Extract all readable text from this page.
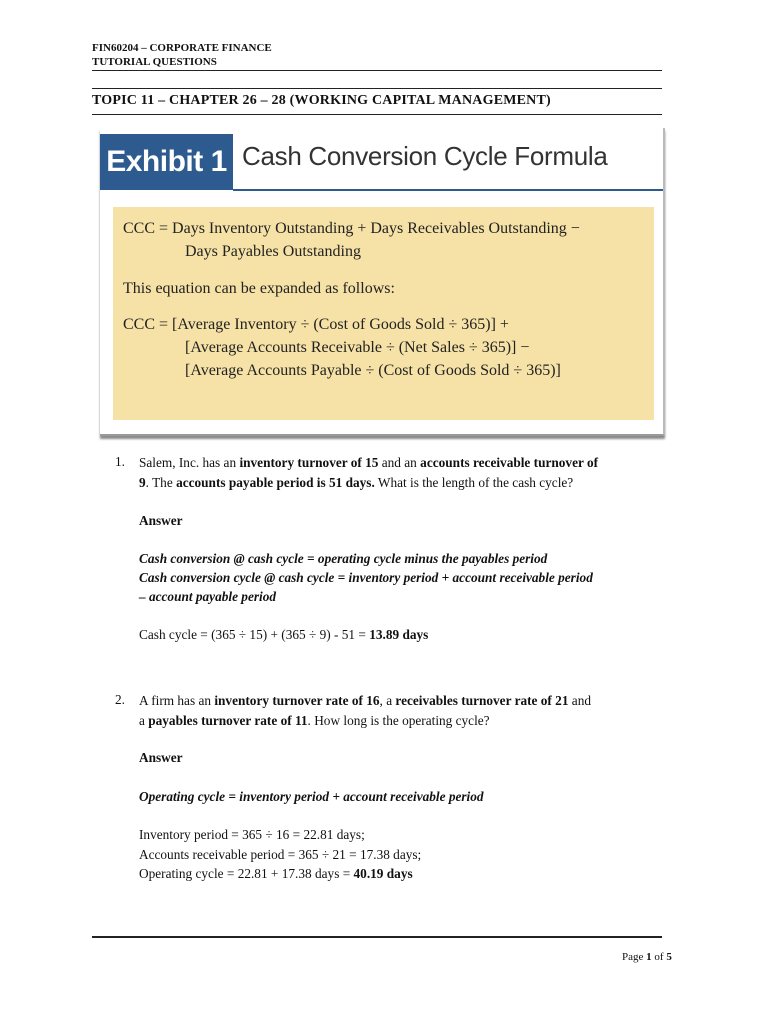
FIN60204 – CORPORATE FINANCE
TUTORIAL QUESTIONS
TOPIC 11 – CHAPTER 26 – 28 (WORKING CAPITAL MANAGEMENT)
Exhibit 1 Cash Conversion Cycle Formula
CCC = Days Inventory Outstanding + Days Receivables Outstanding −
Days Payables Outstanding
This equation can be expanded as follows:
CCC = [Average Inventory ÷ (Cost of Goods Sold ÷ 365)] +
[Average Accounts Receivable ÷ (Net Sales ÷ 365)] −
[Average Accounts Payable ÷ (Cost of Goods Sold ÷ 365)]
1. Salem, Inc. has an inventory turnover of 15 and an accounts receivable turnover of
9. The accounts payable period is 51 days. What is the length of the cash cycle?
Answer
Cash conversion @ cash cycle = operating cycle minus the payables period
Cash conversion cycle @ cash cycle = inventory period + account receivable period
– account payable period
Cash cycle = (365 ÷ 15) + (365 ÷ 9) - 51 = 13.89 days
2. A firm has an inventory turnover rate of 16, a receivables turnover rate of 21 and
a payables turnover rate of 11. How long is the operating cycle?
Answer
Operating cycle = inventory period + account receivable period
Inventory period = 365 ÷ 16 = 22.81 days;
Accounts receivable period = 365 ÷ 21 = 17.38 days;
Operating cycle = 22.81 + 17.38 days = 40.19 days
Page 1 of 5
